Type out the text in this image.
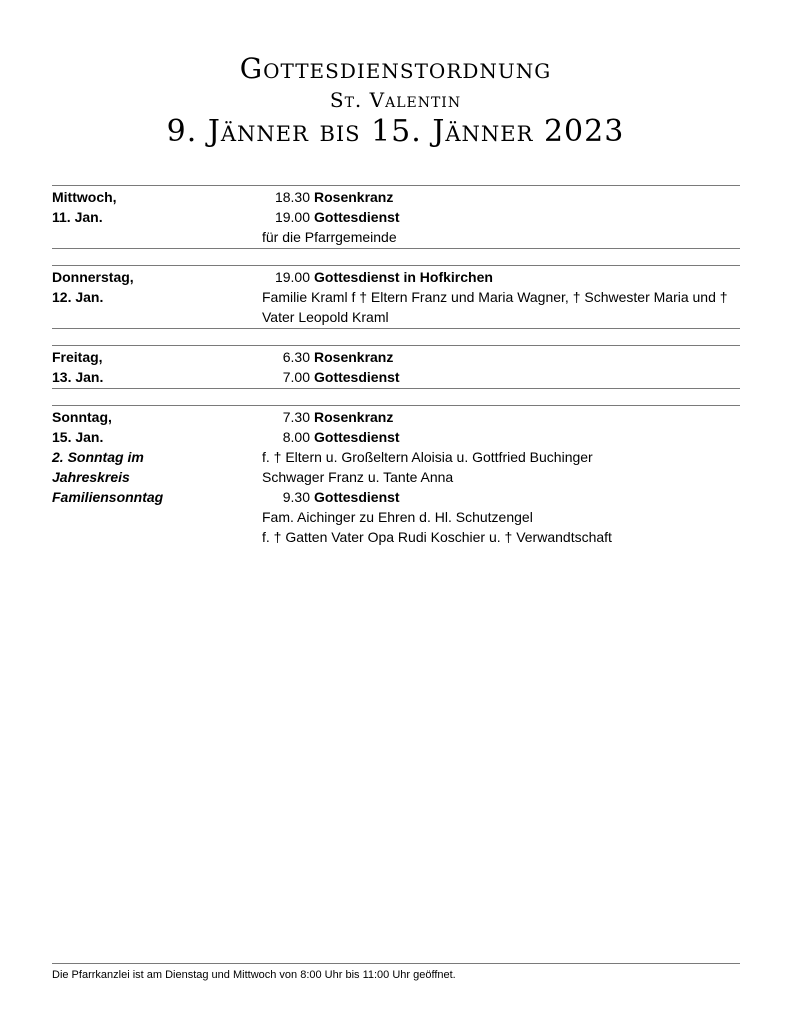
Gottesdienstordnung
St. Valentin
9. Jänner bis 15. Jänner 2023
Mittwoch,
11. Jan.
18.30 Rosenkranz
19.00 Gottesdienst
für die Pfarrgemeinde
Donnerstag,
12. Jan.
19.00 Gottesdienst in Hofkirchen
Familie Kraml f † Eltern Franz und Maria Wagner, † Schwester Maria und †
Vater Leopold Kraml
Freitag,
13. Jan.
6.30 Rosenkranz
7.00 Gottesdienst
Sonntag,
15. Jan.
2. Sonntag im
Jahreskreis
Familiensonntag
7.30 Rosenkranz
8.00 Gottesdienst
f. † Eltern u. Großeltern Aloisia u. Gottfried Buchinger
Schwager Franz u. Tante Anna
9.30 Gottesdienst
Fam. Aichinger zu Ehren d. Hl. Schutzengel
f. † Gatten Vater Opa Rudi Koschier u. † Verwandtschaft
Die Pfarrkanzlei ist am Dienstag und Mittwoch von 8:00 Uhr bis 11:00 Uhr geöffnet.
